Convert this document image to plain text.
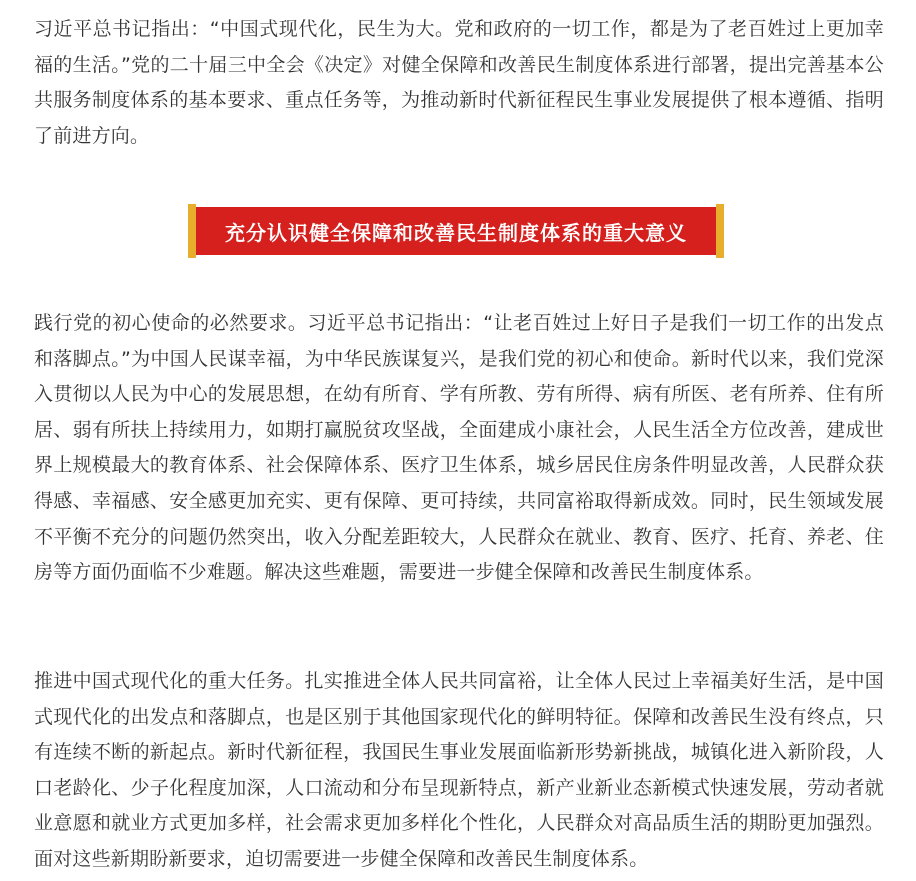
习近平总书记指出：“中国式现代化，民生为大。党和政府的一切工作，都是为了老百姓过上更加幸福的生活。”党的二十届三中全会《决定》对健全保障和改善民生制度体系进行部署，提出完善基本公共服务制度体系的基本要求、重点任务等，为推动新时代新征程民生事业发展提供了根本遵循、指明了前进方向。

充分认识健全保障和改善民生制度体系的重大意义

践行党的初心使命的必然要求。习近平总书记指出：“让老百姓过上好日子是我们一切工作的出发点和落脚点。”为中国人民谋幸福，为中华民族谋复兴，是我们党的初心和使命。新时代以来，我们党深入贯彻以人民为中心的发展思想，在幼有所育、学有所教、劳有所得、病有所医、老有所养、住有所居、弱有所扶上持续用力，如期打赢脱贫攻坚战，全面建成小康社会，人民生活全方位改善，建成世界上规模最大的教育体系、社会保障体系、医疗卫生体系，城乡居民住房条件明显改善，人民群众获得感、幸福感、安全感更加充实、更有保障、更可持续，共同富裕取得新成效。同时，民生领域发展不平衡不充分的问题仍然突出，收入分配差距较大，人民群众在就业、教育、医疗、托育、养老、住房等方面仍面临不少难题。解决这些难题，需要进一步健全保障和改善民生制度体系。

推进中国式现代化的重大任务。扎实推进全体人民共同富裕，让全体人民过上幸福美好生活，是中国式现代化的出发点和落脚点，也是区别于其他国家现代化的鲜明特征。保障和改善民生没有终点，只有连续不断的新起点。新时代新征程，我国民生事业发展面临新形势新挑战，城镇化进入新阶段，人口老龄化、少子化程度加深，人口流动和分布呈现新特点，新产业新业态新模式快速发展，劳动者就业意愿和就业方式更加多样，社会需求更加多样化个性化，人民群众对高品质生活的期盼更加强烈。面对这些新期盼新要求，迫切需要进一步健全保障和改善民生制度体系。
